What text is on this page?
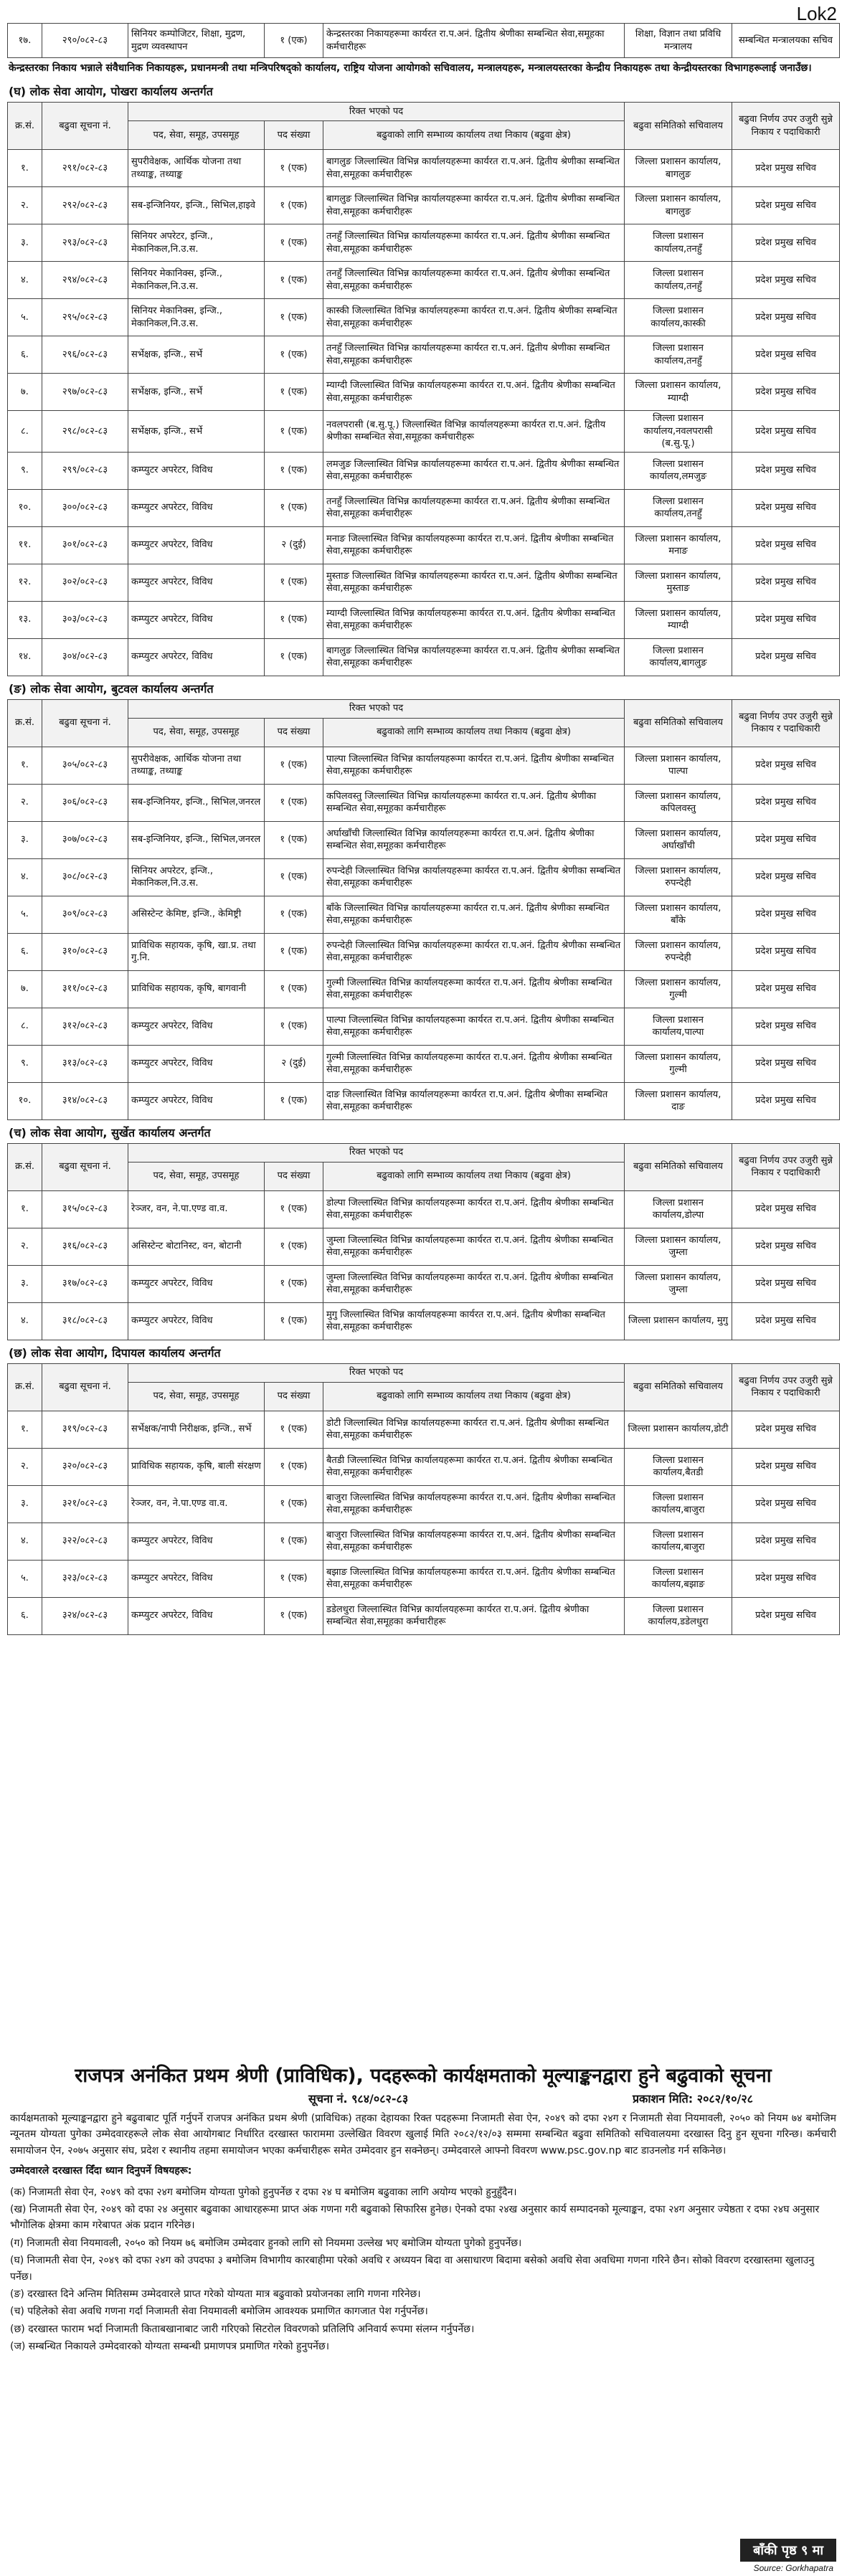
Lok2
१७.	२९०/०८२-८३	सिनियर कम्पोजिटर, शिक्षा, मुद्रण, मुद्रण व्यवस्थापन	१ (एक)	केन्द्रस्तरका निकायहरूमा कार्यरत रा.प.अनं. द्वितीय श्रेणीका सम्बन्धित सेवा,समूहका कर्मचारीहरू	शिक्षा, विज्ञान तथा प्रविधि मन्त्रालय	सम्बन्धित मन्त्रालयका सचिव
केन्द्रस्तरका निकाय भन्नाले संवैधानिक निकायहरू, प्रधानमन्त्री तथा मन्त्रिपरिषद्को कार्यालय, राष्ट्रिय योजना आयोगको सचिवालय, मन्त्रालयहरू, मन्त्रालयस्तरका केन्द्रीय निकायहरू तथा केन्द्रीयस्तरका विभागहरूलाई जनाउँछ।
(घ) लोक सेवा आयोग, पोखरा कार्यालय अन्तर्गत
क्र.सं.	बढुवा सूचना नं.	रिक्त भएको पद			बढुवा समितिको सचिवालय	बढुवा निर्णय उपर उजुरी सुन्ने निकाय र पदाधिकारी
		पद, सेवा, समूह, उपसमूह	पद संख्या	बढुवाको लागि सम्भाव्य कार्यालय तथा निकाय (बढुवा क्षेत्र)		
१.	२९१/०८२-८३	सुपरीवेक्षक, आर्थिक योजना तथा तथ्याङ्क, तथ्याङ्क	१ (एक)	बागलुङ जिल्लास्थित विभिन्न कार्यालयहरूमा कार्यरत रा.प.अनं. द्वितीय श्रेणीका सम्बन्धित सेवा,समूहका कर्मचारीहरू	जिल्ला प्रशासन कार्यालय, बागलुङ	प्रदेश प्रमुख सचिव
२.	२९२/०८२-८३	सब-इन्जिनियर, इन्जि., सिभिल,हाइवे	१ (एक)	बागलुङ जिल्लास्थित विभिन्न कार्यालयहरूमा कार्यरत रा.प.अनं. द्वितीय श्रेणीका सम्बन्धित सेवा,समूहका कर्मचारीहरू	जिल्ला प्रशासन कार्यालय, बागलुङ	प्रदेश प्रमुख सचिव
३.	२९३/०८२-८३	सिनियर अपरेटर, इन्जि., मेकानिकल,नि.उ.स.	१ (एक)	तनहुँ जिल्लास्थित विभिन्न कार्यालयहरूमा कार्यरत रा.प.अनं. द्वितीय श्रेणीका सम्बन्धित सेवा,समूहका कर्मचारीहरू	जिल्ला प्रशासन कार्यालय,तनहुँ	प्रदेश प्रमुख सचिव
४.	२९४/०८२-८३	सिनियर मेकानिक्स, इन्जि., मेकानिकल,नि.उ.स.	१ (एक)	तनहुँ जिल्लास्थित विभिन्न कार्यालयहरूमा कार्यरत रा.प.अनं. द्वितीय श्रेणीका सम्बन्धित सेवा,समूहका कर्मचारीहरू	जिल्ला प्रशासन कार्यालय,तनहुँ	प्रदेश प्रमुख सचिव
५.	२९५/०८२-८३	सिनियर मेकानिक्स, इन्जि., मेकानिकल,नि.उ.स.	१ (एक)	कास्की जिल्लास्थित विभिन्न कार्यालयहरूमा कार्यरत रा.प.अनं. द्वितीय श्रेणीका सम्बन्धित सेवा,समूहका कर्मचारीहरू	जिल्ला प्रशासन कार्यालय,कास्की	प्रदेश प्रमुख सचिव
६.	२९६/०८२-८३	सर्भेक्षक, इन्जि., सर्भे	१ (एक)	तनहुँ जिल्लास्थित विभिन्न कार्यालयहरूमा कार्यरत रा.प.अनं. द्वितीय श्रेणीका सम्बन्धित सेवा,समूहका कर्मचारीहरू	जिल्ला प्रशासन कार्यालय,तनहुँ	प्रदेश प्रमुख सचिव
७.	२९७/०८२-८३	सर्भेक्षक, इन्जि., सर्भे	१ (एक)	म्याग्दी जिल्लास्थित विभिन्न कार्यालयहरूमा कार्यरत रा.प.अनं. द्वितीय श्रेणीका सम्बन्धित सेवा,समूहका कर्मचारीहरू	जिल्ला प्रशासन कार्यालय, म्याग्दी	प्रदेश प्रमुख सचिव
८.	२९८/०८२-८३	सर्भेक्षक, इन्जि., सर्भे	१ (एक)	नवलपरासी (ब.सु.पू.) जिल्लास्थित विभिन्न कार्यालयहरूमा कार्यरत रा.प.अनं. द्वितीय श्रेणीका सम्बन्धित सेवा,समूहका कर्मचारीहरू	जिल्ला प्रशासन कार्यालय,नवलपरासी (ब.सु.पू.)	प्रदेश प्रमुख सचिव
९.	२९९/०८२-८३	कम्प्युटर अपरेटर, विविध	१ (एक)	लमजुङ जिल्लास्थित विभिन्न कार्यालयहरूमा कार्यरत रा.प.अनं. द्वितीय श्रेणीका सम्बन्धित सेवा,समूहका कर्मचारीहरू	जिल्ला प्रशासन कार्यालय,लमजुङ	प्रदेश प्रमुख सचिव
१०.	३००/०८२-८३	कम्प्युटर अपरेटर, विविध	१ (एक)	तनहुँ जिल्लास्थित विभिन्न कार्यालयहरूमा कार्यरत रा.प.अनं. द्वितीय श्रेणीका सम्बन्धित सेवा,समूहका कर्मचारीहरू	जिल्ला प्रशासन कार्यालय,तनहुँ	प्रदेश प्रमुख सचिव
११.	३०१/०८२-८३	कम्प्युटर अपरेटर, विविध	२ (दुई)	मनाङ जिल्लास्थित विभिन्न कार्यालयहरूमा कार्यरत रा.प.अनं. द्वितीय श्रेणीका सम्बन्धित सेवा,समूहका कर्मचारीहरू	जिल्ला प्रशासन कार्यालय, मनाङ	प्रदेश प्रमुख सचिव
१२.	३०२/०८२-८३	कम्प्युटर अपरेटर, विविध	१ (एक)	मुस्ताङ जिल्लास्थित विभिन्न कार्यालयहरूमा कार्यरत रा.प.अनं. द्वितीय श्रेणीका सम्बन्धित सेवा,समूहका कर्मचारीहरू	जिल्ला प्रशासन कार्यालय, मुस्ताङ	प्रदेश प्रमुख सचिव
१३.	३०३/०८२-८३	कम्प्युटर अपरेटर, विविध	१ (एक)	म्याग्दी जिल्लास्थित विभिन्न कार्यालयहरूमा कार्यरत रा.प.अनं. द्वितीय श्रेणीका सम्बन्धित सेवा,समूहका कर्मचारीहरू	जिल्ला प्रशासन कार्यालय, म्याग्दी	प्रदेश प्रमुख सचिव
१४.	३०४/०८२-८३	कम्प्युटर अपरेटर, विविध	१ (एक)	बागलुङ जिल्लास्थित विभिन्न कार्यालयहरूमा कार्यरत रा.प.अनं. द्वितीय श्रेणीका सम्बन्धित सेवा,समूहका कर्मचारीहरू	जिल्ला प्रशासन कार्यालय,बागलुङ	प्रदेश प्रमुख सचिव
(ङ) लोक सेवा आयोग, बुटवल कार्यालय अन्तर्गत
क्र.सं.	बढुवा सूचना नं.	रिक्त भएको पद			बढुवा समितिको सचिवालय	बढुवा निर्णय उपर उजुरी सुन्ने निकाय र पदाधिकारी
		पद, सेवा, समूह, उपसमूह	पद संख्या	बढुवाको लागि सम्भाव्य कार्यालय तथा निकाय (बढुवा क्षेत्र)		
१.	३०५/०८२-८३	सुपरीवेक्षक, आर्थिक योजना तथा तथ्याङ्क, तथ्याङ्क	१ (एक)	पाल्पा जिल्लास्थित विभिन्न कार्यालयहरूमा कार्यरत रा.प.अनं. द्वितीय श्रेणीका सम्बन्धित सेवा,समूहका कर्मचारीहरू	जिल्ला प्रशासन कार्यालय, पाल्पा	प्रदेश प्रमुख सचिव
२.	३०६/०८२-८३	सब-इन्जिनियर, इन्जि., सिभिल,जनरल	१ (एक)	कपिलवस्तु जिल्लास्थित विभिन्न कार्यालयहरूमा कार्यरत रा.प.अनं. द्वितीय श्रेणीका सम्बन्धित सेवा,समूहका कर्मचारीहरू	जिल्ला प्रशासन कार्यालय, कपिलवस्तु	प्रदेश प्रमुख सचिव
३.	३०७/०८२-८३	सब-इन्जिनियर, इन्जि., सिभिल,जनरल	१ (एक)	अर्घाखाँची जिल्लास्थित विभिन्न कार्यालयहरूमा कार्यरत रा.प.अनं. द्वितीय श्रेणीका सम्बन्धित सेवा,समूहका कर्मचारीहरू	जिल्ला प्रशासन कार्यालय, अर्घाखाँची	प्रदेश प्रमुख सचिव
४.	३०८/०८२-८३	सिनियर अपरेटर, इन्जि., मेकानिकल,नि.उ.स.	१ (एक)	रुपन्देही जिल्लास्थित विभिन्न कार्यालयहरूमा कार्यरत रा.प.अनं. द्वितीय श्रेणीका सम्बन्धित सेवा,समूहका कर्मचारीहरू	जिल्ला प्रशासन कार्यालय, रुपन्देही	प्रदेश प्रमुख सचिव
५.	३०९/०८२-८३	असिस्टेन्ट केमिष्ट, इन्जि., केमिष्ट्री	१ (एक)	बाँके जिल्लास्थित विभिन्न कार्यालयहरूमा कार्यरत रा.प.अनं. द्वितीय श्रेणीका सम्बन्धित सेवा,समूहका कर्मचारीहरू	जिल्ला प्रशासन कार्यालय, बाँके	प्रदेश प्रमुख सचिव
६.	३१०/०८२-८३	प्राविधिक सहायक, कृषि, खा.प्र. तथा गु.नि.	१ (एक)	रुपन्देही जिल्लास्थित विभिन्न कार्यालयहरूमा कार्यरत रा.प.अनं. द्वितीय श्रेणीका सम्बन्धित सेवा,समूहका कर्मचारीहरू	जिल्ला प्रशासन कार्यालय, रुपन्देही	प्रदेश प्रमुख सचिव
७.	३११/०८२-८३	प्राविधिक सहायक, कृषि, बागवानी	१ (एक)	गुल्मी जिल्लास्थित विभिन्न कार्यालयहरूमा कार्यरत रा.प.अनं. द्वितीय श्रेणीका सम्बन्धित सेवा,समूहका कर्मचारीहरू	जिल्ला प्रशासन कार्यालय, गुल्मी	प्रदेश प्रमुख सचिव
८.	३१२/०८२-८३	कम्प्युटर अपरेटर, विविध	१ (एक)	पाल्पा जिल्लास्थित विभिन्न कार्यालयहरूमा कार्यरत रा.प.अनं. द्वितीय श्रेणीका सम्बन्धित सेवा,समूहका कर्मचारीहरू	जिल्ला प्रशासन कार्यालय,पाल्पा	प्रदेश प्रमुख सचिव
९.	३१३/०८२-८३	कम्प्युटर अपरेटर, विविध	२ (दुई)	गुल्मी जिल्लास्थित विभिन्न कार्यालयहरूमा कार्यरत रा.प.अनं. द्वितीय श्रेणीका सम्बन्धित सेवा,समूहका कर्मचारीहरू	जिल्ला प्रशासन कार्यालय, गुल्मी	प्रदेश प्रमुख सचिव
१०.	३१४/०८२-८३	कम्प्युटर अपरेटर, विविध	१ (एक)	दाङ जिल्लास्थित विभिन्न कार्यालयहरूमा कार्यरत रा.प.अनं. द्वितीय श्रेणीका सम्बन्धित सेवा,समूहका कर्मचारीहरू	जिल्ला प्रशासन कार्यालय, दाङ	प्रदेश प्रमुख सचिव
(च) लोक सेवा आयोग, सुर्खेत कार्यालय अन्तर्गत
क्र.सं.	बढुवा सूचना नं.	रिक्त भएको पद			बढुवा समितिको सचिवालय	बढुवा निर्णय उपर उजुरी सुन्ने निकाय र पदाधिकारी
		पद, सेवा, समूह, उपसमूह	पद संख्या	बढुवाको लागि सम्भाव्य कार्यालय तथा निकाय (बढुवा क्षेत्र)		
१.	३१५/०८२-८३	रेञ्जर, वन, ने.पा.एण्ड वा.व.	१ (एक)	डोल्पा जिल्लास्थित विभिन्न कार्यालयहरूमा कार्यरत रा.प.अनं. द्वितीय श्रेणीका सम्बन्धित सेवा,समूहका कर्मचारीहरू	जिल्ला प्रशासन कार्यालय,डोल्पा	प्रदेश प्रमुख सचिव
२.	३१६/०८२-८३	असिस्टेन्ट बोटानिस्ट, वन, बोटानी	१ (एक)	जुम्ला जिल्लास्थित विभिन्न कार्यालयहरूमा कार्यरत रा.प.अनं. द्वितीय श्रेणीका सम्बन्धित सेवा,समूहका कर्मचारीहरू	जिल्ला प्रशासन कार्यालय, जुम्ला	प्रदेश प्रमुख सचिव
३.	३१७/०८२-८३	कम्प्युटर अपरेटर, विविध	१ (एक)	जुम्ला जिल्लास्थित विभिन्न कार्यालयहरूमा कार्यरत रा.प.अनं. द्वितीय श्रेणीका सम्बन्धित सेवा,समूहका कर्मचारीहरू	जिल्ला प्रशासन कार्यालय, जुम्ला	प्रदेश प्रमुख सचिव
४.	३१८/०८२-८३	कम्प्युटर अपरेटर, विविध	१ (एक)	मुगु जिल्लास्थित विभिन्न कार्यालयहरूमा कार्यरत रा.प.अनं. द्वितीय श्रेणीका सम्बन्धित सेवा,समूहका कर्मचारीहरू	जिल्ला प्रशासन कार्यालय, मुगु	प्रदेश प्रमुख सचिव
(छ) लोक सेवा आयोग, दिपायल कार्यालय अन्तर्गत
क्र.सं.	बढुवा सूचना नं.	रिक्त भएको पद			बढुवा समितिको सचिवालय	बढुवा निर्णय उपर उजुरी सुन्ने निकाय र पदाधिकारी
		पद, सेवा, समूह, उपसमूह	पद संख्या	बढुवाको लागि सम्भाव्य कार्यालय तथा निकाय (बढुवा क्षेत्र)		
१.	३१९/०८२-८३	सर्भेक्षक/नापी निरीक्षक, इन्जि., सर्भे	१ (एक)	डोटी जिल्लास्थित विभिन्न कार्यालयहरूमा कार्यरत रा.प.अनं. द्वितीय श्रेणीका सम्बन्धित सेवा,समूहका कर्मचारीहरू	जिल्ला प्रशासन कार्यालय,डोटी	प्रदेश प्रमुख सचिव
२.	३२०/०८२-८३	प्राविधिक सहायक, कृषि, बाली संरक्षण	१ (एक)	बैतडी जिल्लास्थित विभिन्न कार्यालयहरूमा कार्यरत रा.प.अनं. द्वितीय श्रेणीका सम्बन्धित सेवा,समूहका कर्मचारीहरू	जिल्ला प्रशासन कार्यालय,बैतडी	प्रदेश प्रमुख सचिव
३.	३२१/०८२-८३	रेञ्जर, वन, ने.पा.एण्ड वा.व.	१ (एक)	बाजुरा जिल्लास्थित विभिन्न कार्यालयहरूमा कार्यरत रा.प.अनं. द्वितीय श्रेणीका सम्बन्धित सेवा,समूहका कर्मचारीहरू	जिल्ला प्रशासन कार्यालय,बाजुरा	प्रदेश प्रमुख सचिव
४.	३२२/०८२-८३	कम्प्युटर अपरेटर, विविध	१ (एक)	बाजुरा जिल्लास्थित विभिन्न कार्यालयहरूमा कार्यरत रा.प.अनं. द्वितीय श्रेणीका सम्बन्धित सेवा,समूहका कर्मचारीहरू	जिल्ला प्रशासन कार्यालय,बाजुरा	प्रदेश प्रमुख सचिव
५.	३२३/०८२-८३	कम्प्युटर अपरेटर, विविध	१ (एक)	बझाङ जिल्लास्थित विभिन्न कार्यालयहरूमा कार्यरत रा.प.अनं. द्वितीय श्रेणीका सम्बन्धित सेवा,समूहका कर्मचारीहरू	जिल्ला प्रशासन कार्यालय,बझाङ	प्रदेश प्रमुख सचिव
६.	३२४/०८२-८३	कम्प्युटर अपरेटर, विविध	१ (एक)	डडेलधुरा जिल्लास्थित विभिन्न कार्यालयहरूमा कार्यरत रा.प.अनं. द्वितीय श्रेणीका सम्बन्धित सेवा,समूहका कर्मचारीहरू	जिल्ला प्रशासन कार्यालय,डडेलधुरा	प्रदेश प्रमुख सचिव
राजपत्र अनंकित प्रथम श्रेणी (प्राविधिक), पदहरूको कार्यक्षमताको मूल्याङ्कनद्वारा हुने बढुवाको सूचना
सूचना नं. ९८४/०८२-८३	प्रकाशन मिति: २०८२/१०/२८
कार्यक्षमताको मूल्याङ्कनद्वारा हुने बढुवाबाट पूर्ति गर्नुपर्ने राजपत्र अनंकित प्रथम श्रेणी (प्राविधिक) तहका देहायका रिक्त पदहरूमा निजामती सेवा ऐन, २०४९ को दफा २४ग र निजामती सेवा नियमावली, २०५० को नियम ७४ बमोजिम न्यूनतम योग्यता पुगेका उम्मेदवारहरूले लोक सेवा आयोगबाट निर्धारित दरखास्त फाराममा उल्लेखित विवरण खुलाई मिति २०८२/१२/०३ सम्ममा सम्बन्धित बढुवा समितिको सचिवालयमा दरखास्त दिनु हुन सूचना गरिन्छ। कर्मचारी समायोजन ऐन, २०७५ अनुसार संघ, प्रदेश र स्थानीय तहमा समायोजन भएका कर्मचारीहरू समेत उम्मेदवार हुन सक्नेछन्। उम्मेदवारले आफ्नो विवरण www.psc.gov.np बाट डाउनलोड गर्न सकिनेछ।
उम्मेदवारले दरखास्त दिँदा ध्यान दिनुपर्ने विषयहरू:
(क) निजामती सेवा ऐन, २०४९ को दफा २४ग बमोजिम योग्यता पुगेको हुनुपर्नेछ र दफा २४ घ बमोजिम बढुवाका लागि अयोग्य भएको हुनुहुँदैन।
(ख) निजामती सेवा ऐन, २०४९ को दफा २४ अनुसार बढुवाका आधारहरूमा प्राप्त अंक गणना गरी बढुवाको सिफारिस हुनेछ। ऐनको दफा २४ख अनुसार कार्य सम्पादनको मूल्याङ्कन, दफा २४ग अनुसार ज्येष्ठता र दफा २४घ अनुसार भौगोलिक क्षेत्रमा काम गरेबापत अंक प्रदान गरिनेछ।
(ग) निजामती सेवा नियमावली, २०५० को नियम ७६ बमोजिम उम्मेदवार हुनको लागि सो नियममा उल्लेख भए बमोजिम योग्यता पुगेको हुनुपर्नेछ।
(घ) निजामती सेवा ऐन, २०४९ को दफा २४ग को उपदफा ३ बमोजिम विभागीय कारबाहीमा परेको अवधि र अध्ययन बिदा वा असाधारण बिदामा बसेको अवधि सेवा अवधिमा गणना गरिने छैन। सोको विवरण दरखास्तमा खुलाउनु पर्नेछ।
(ङ) दरखास्त दिने अन्तिम मितिसम्म उम्मेदवारले प्राप्त गरेको योग्यता मात्र बढुवाको प्रयोजनका लागि गणना गरिनेछ।
(च) पहिलेको सेवा अवधि गणना गर्दा निजामती सेवा नियमावली बमोजिम आवश्यक प्रमाणित कागजात पेश गर्नुपर्नेछ।
(छ) दरखास्त फाराम भर्दा निजामती किताबखानाबाट जारी गरिएको सिटरोल विवरणको प्रतिलिपि अनिवार्य रूपमा संलग्न गर्नुपर्नेछ।
(ज) सम्बन्धित निकायले उम्मेदवारको योग्यता सम्बन्धी प्रमाणपत्र प्रमाणित गरेको हुनुपर्नेछ।
बाँकी पृष्ठ ९ मा
Source: Gorkhapatra
